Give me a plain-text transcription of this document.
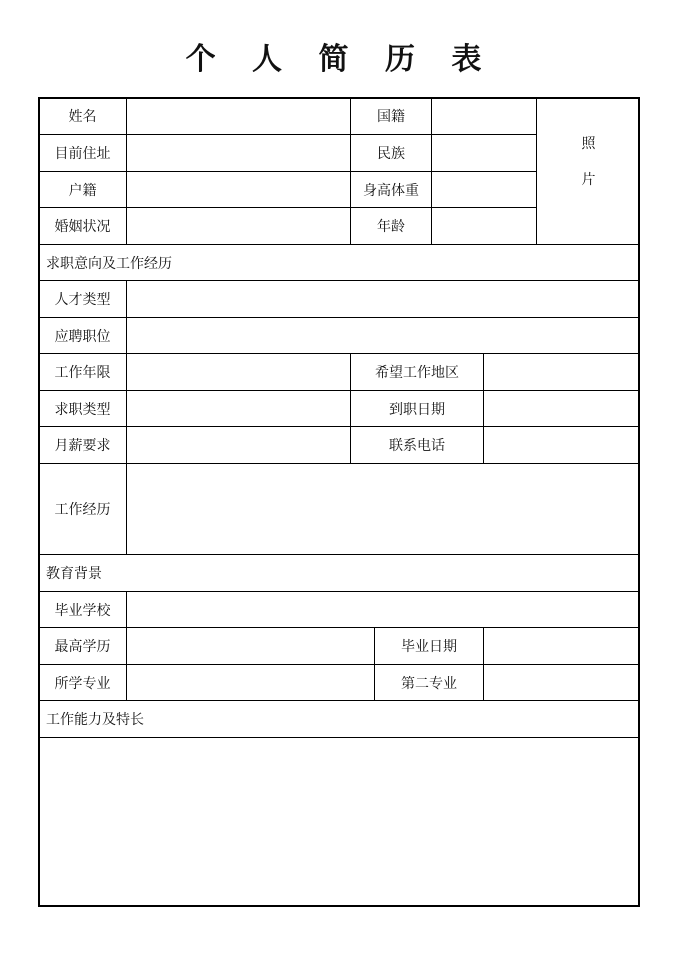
个 人 简 历 表
姓名	国籍
目前住址	民族
户籍	身高体重
婚姻状况	年龄
照
片
求职意向及工作经历
人才类型
应聘职位
工作年限	希望工作地区
求职类型	到职日期
月薪要求	联系电话
工作经历
教育背景
毕业学校
最高学历	毕业日期
所学专业	第二专业
工作能力及特长
